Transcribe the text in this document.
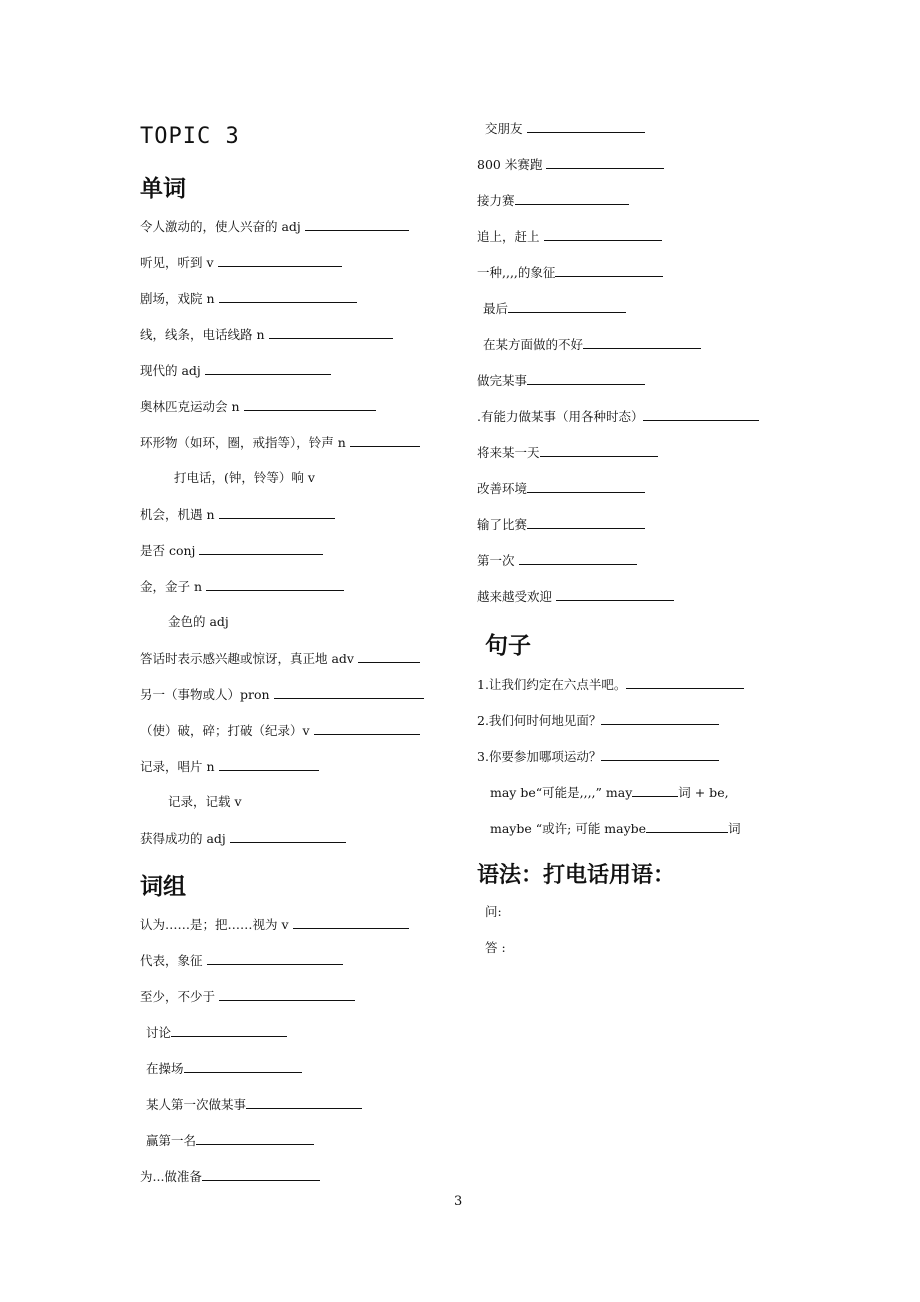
TOPIC 3
单词
令人激动的，使人兴奋的 adj
听见，听到 v
剧场，戏院 n
线，线条，电话线路 n
现代的 adj
奥林匹克运动会 n
环形物（如环，圈，戒指等），铃声 n
打电话，(钟，铃等）响 v
机会，机遇 n
是否 conj
金，金子 n
金色的 adj
答话时表示感兴趣或惊讶，真正地 adv
另一（事物或人）pron
（使）破，碎；打破（纪录）v
记录，唱片 n
记录，记载 v
获得成功的 adj
词组
认为……是；把……视为 v
代表，象征
至少，不少于
讨论
在操场
某人第一次做某事
赢第一名
为...做准备
交朋友
800 米赛跑
接力赛
追上，赶上
一种,,,,的象征
最后
在某方面做的不好
做完某事
.有能力做某事（用各种时态）
将来某一天
改善环境
输了比赛
第一次
越来越受欢迎
句子
1.让我们约定在六点半吧。
2.我们何时何地见面？
3.你要参加哪项运动？
may be“可能是,,,,” may	词 + be,
maybe “或许; 可能 maybe	词
语法：打电话用语：
问:
答 :
3
